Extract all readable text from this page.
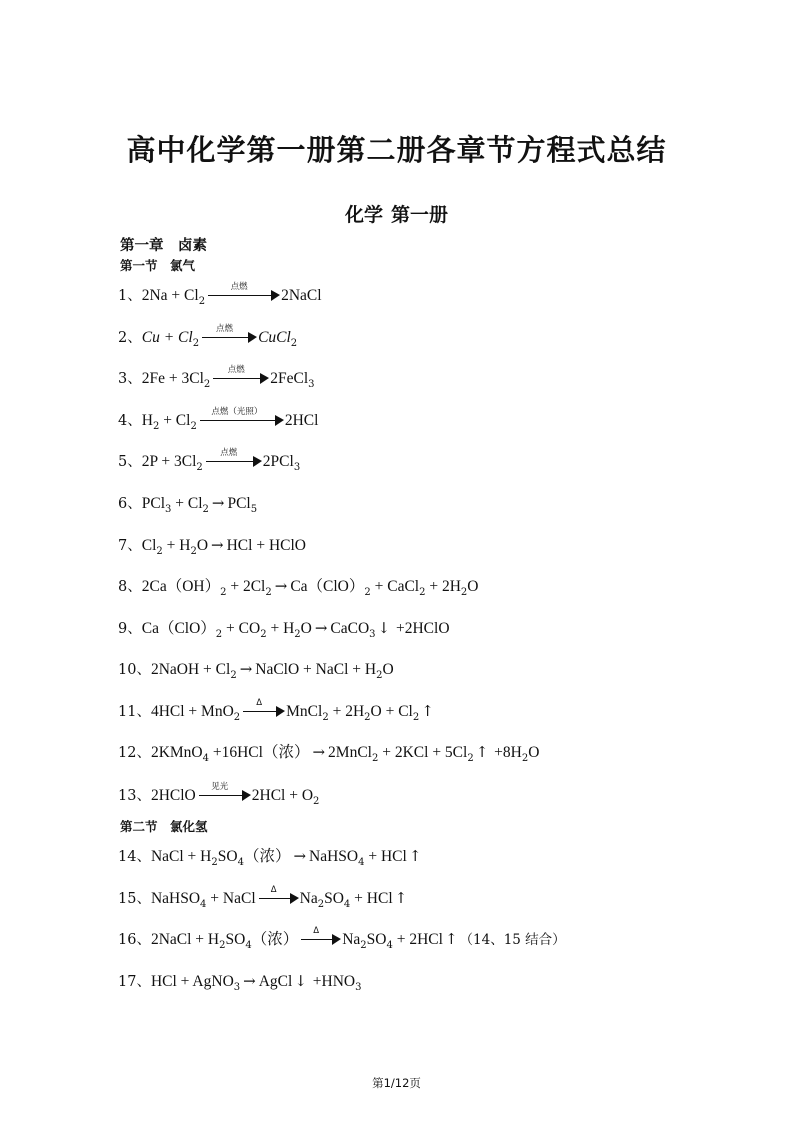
高中化学第一册第二册各章节方程式总结
化学 第一册
第一章　卤素
第一节　氯气
1、$2Na + Cl_2$
点燃	2NaCl
2、$Cu + Cl_2$
点燃	CuCl$_2$
3、$2Fe + 3Cl_2$
点燃	2FeCl$_3$
4、$H_2 + Cl_2$
点燃（光照）	2HCl
5、$2P + 3Cl_2$
点燃	2PCl$_3$
6、$PCl_3 + Cl_2 \to PCl_5$
7、$Cl_2 + H_2O$ → HCl + HClO
8、$2Ca(OH)_2 + 2Cl_2 \to Ca(ClO)_2$ + CaCl$_2$ + $2H_2O$
9、$Ca(ClO)_2 + CO_2 + H_2O$ → CaCO$_3$ ↓ +2HClO
10、2NaOH + $Cl_2$ → NaClO + NaCl + $H_2O$
11、4HCl + MnO$_2$
Δ	MnCl$_2$ + $2H_2O + Cl_2$ ↑
12、2KMnO$_4$ +16HCl（浓） → 2MnCl$_2$ + $2KCl + 5Cl_2$ ↑ $+8H_2O$
13、2HClO	见光	$2HCl + O_2$
第二节　氯化氢
14、NaCl + $H_2SO_4$（浓） → NaHSO$_4$ + HCl ↑
15、NaHSO$_4$ + NaCl	Δ	$Na_2SO_4$ + HCl ↑
16、2NaCl + $H_2SO_4$（浓）	Δ	$Na_2SO_4 + 2HCl$ ↑ （14、15 结合）
17、HCl + AgNO$_3$ → AgCl ↓ $+HNO_3$
第1/12页
